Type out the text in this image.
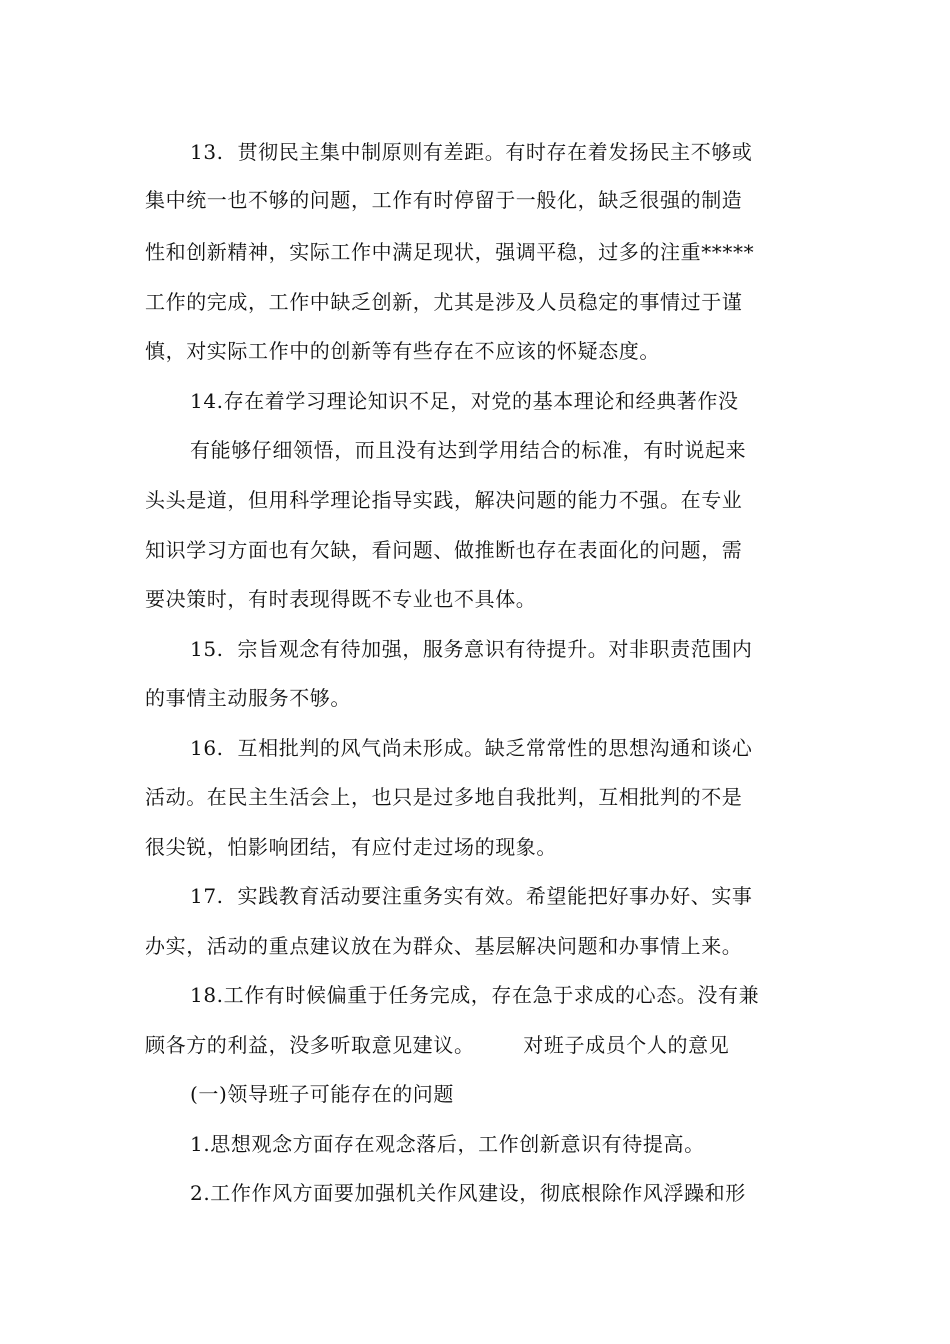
13.  贯彻民主集中制原则有差距。有时存在着发扬民主不够或
集中统一也不够的问题，工作有时停留于一般化，缺乏很强的制造
性和创新精神，实际工作中满足现状，强调平稳，过多的注重*****
工作的完成，工作中缺乏创新，尤其是涉及人员稳定的事情过于谨
慎，对实际工作中的创新等有些存在不应该的怀疑态度。
14.存在着学习理论知识不足，对党的基本理论和经典著作没
有能够仔细领悟，而且没有达到学用结合的标准，有时说起来
头头是道，但用科学理论指导实践，解决问题的能力不强。在专业
知识学习方面也有欠缺，看问题、做推断也存在表面化的问题，需
要决策时，有时表现得既不专业也不具体。
15.  宗旨观念有待加强，服务意识有待提升。对非职责范围内
的事情主动服务不够。
16.  互相批判的风气尚未形成。缺乏常常性的思想沟通和谈心
活动。在民主生活会上，也只是过多地自我批判，互相批判的不是
很尖锐，怕影响团结，有应付走过场的现象。
17.  实践教育活动要注重务实有效。希望能把好事办好、实事
办实，活动的重点建议放在为群众、基层解决问题和办事情上来。
18.工作有时候偏重于任务完成，存在急于求成的心态。没有兼
顾各方的利益，没多听取意见建议。       对班子成员个人的意见
(一)领导班子可能存在的问题
1.思想观念方面存在观念落后，工作创新意识有待提高。
2.工作作风方面要加强机关作风建设，彻底根除作风浮躁和形
